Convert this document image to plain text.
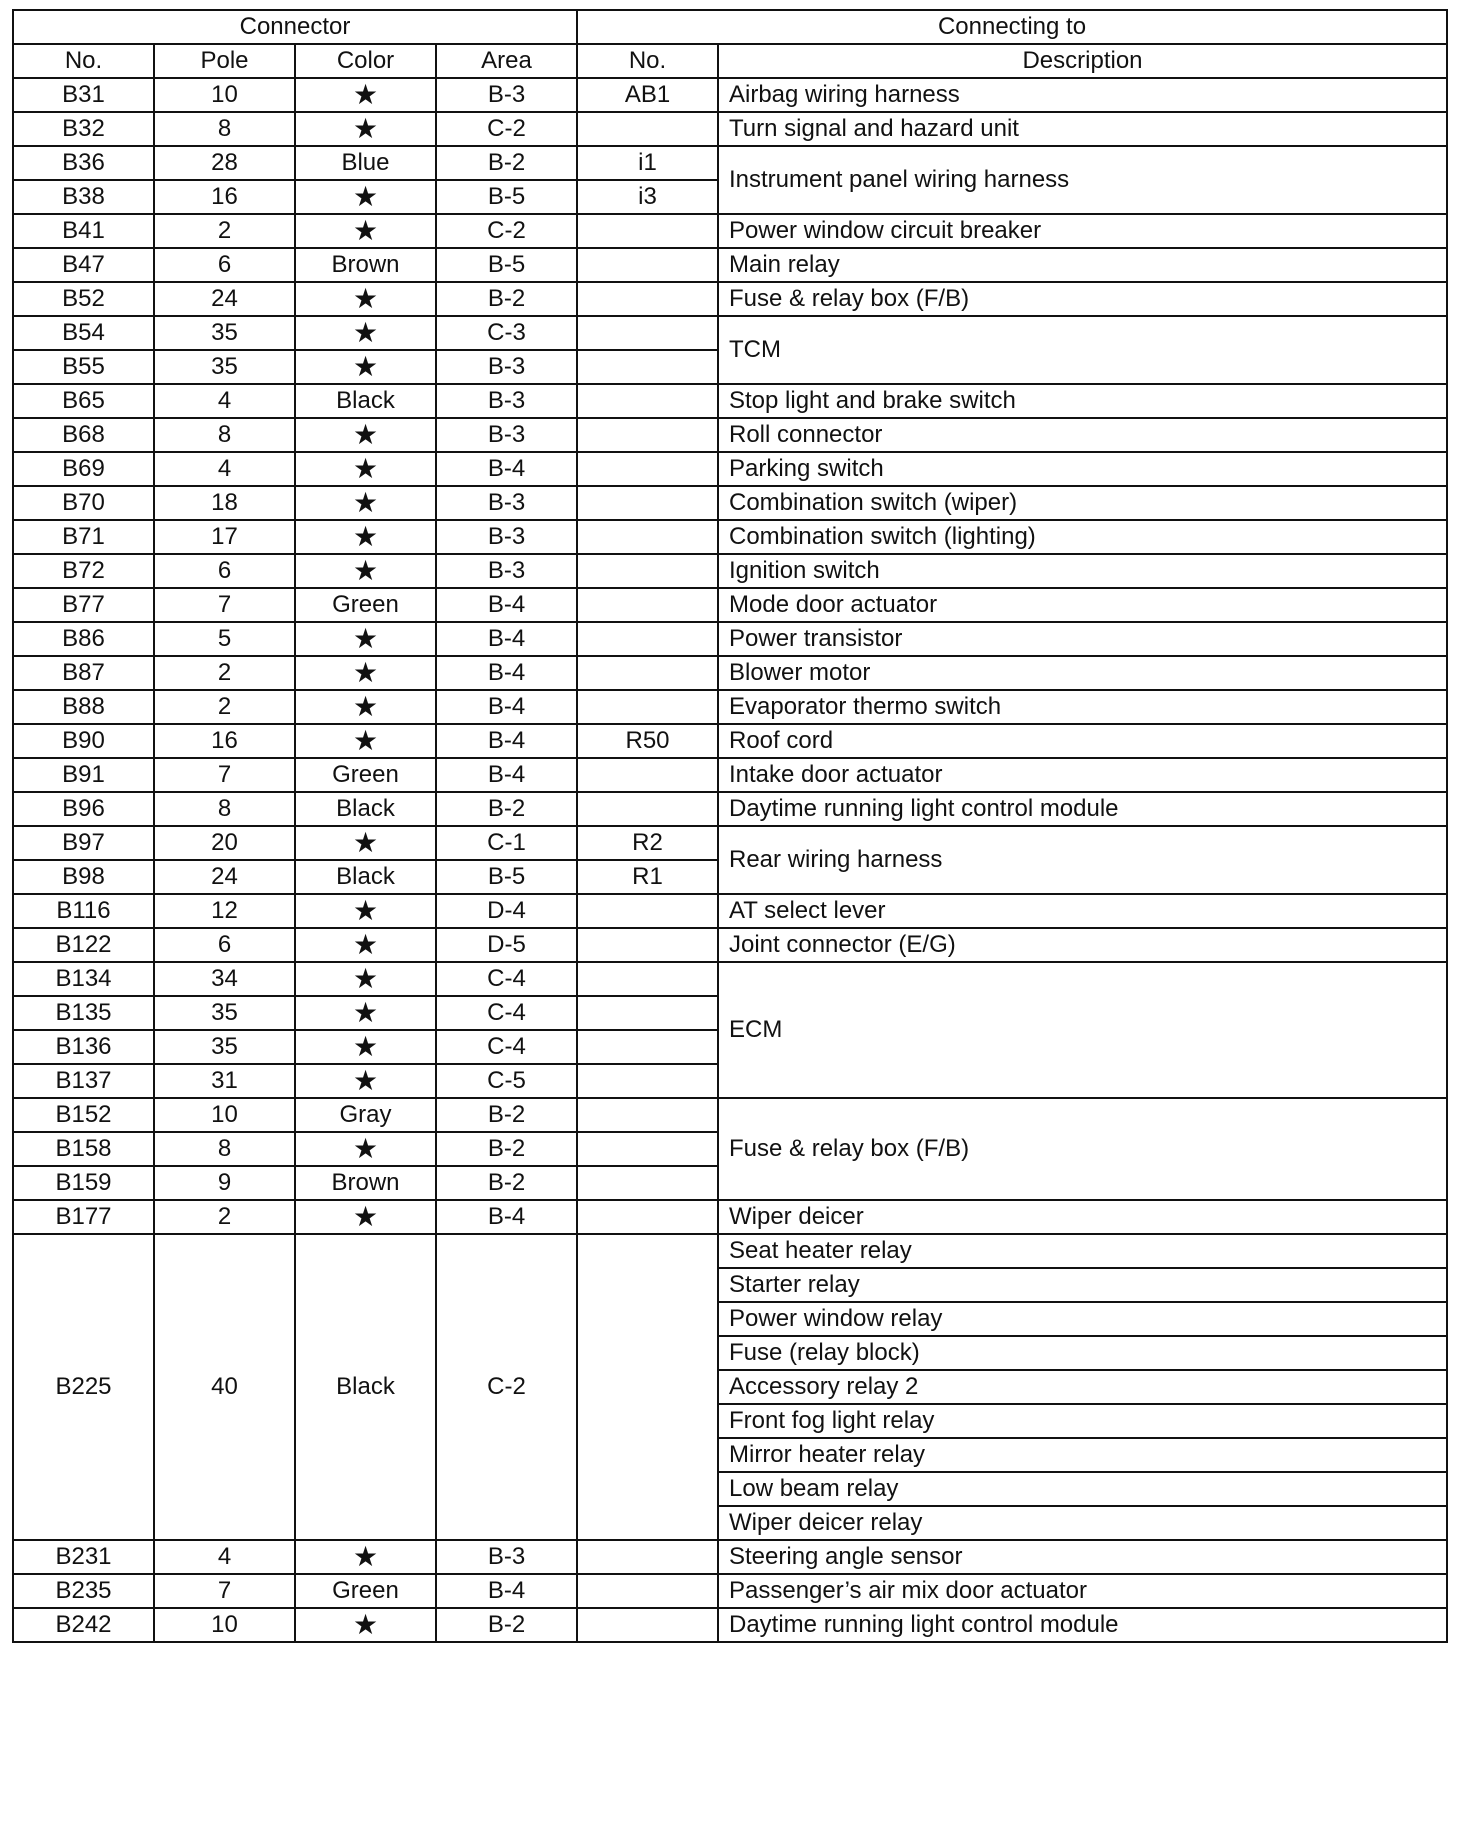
Connector				Connecting to	
No.	Pole	Color	Area	No.	Description
B31	10	★	B-3	AB1	Airbag wiring harness
B32	8	★	C-2		Turn signal and hazard unit
B36	28	Blue	B-2	i1	Instrument panel wiring harness
B38	16	★	B-5	i3	
B41	2	★	C-2		Power window circuit breaker
B47	6	Brown	B-5		Main relay
B52	24	★	B-2		Fuse & relay box (F/B)
B54	35	★	C-3		TCM
B55	35	★	B-3		
B65	4	Black	B-3		Stop light and brake switch
B68	8	★	B-3		Roll connector
B69	4	★	B-4		Parking switch
B70	18	★	B-3		Combination switch (wiper)
B71	17	★	B-3		Combination switch (lighting)
B72	6	★	B-3		Ignition switch
B77	7	Green	B-4		Mode door actuator
B86	5	★	B-4		Power transistor
B87	2	★	B-4		Blower motor
B88	2	★	B-4		Evaporator thermo switch
B90	16	★	B-4	R50	Roof cord
B91	7	Green	B-4		Intake door actuator
B96	8	Black	B-2		Daytime running light control module
B97	20	★	C-1	R2	Rear wiring harness
B98	24	Black	B-5	R1	
B116	12	★	D-4		AT select lever
B122	6	★	D-5		Joint connector (E/G)
B134	34	★	C-4		ECM
B135	35	★	C-4		
B136	35	★	C-4		
B137	31	★	C-5		
B152	10	Gray	B-2		Fuse & relay box (F/B)
B158	8	★	B-2		
B159	9	Brown	B-2		
B177	2	★	B-4		Wiper deicer
B225	40	Black	C-2		Seat heater relay
					Starter relay
					Power window relay
					Fuse (relay block)
					Accessory relay 2
					Front fog light relay
					Mirror heater relay
					Low beam relay
					Wiper deicer relay
B231	4	★	B-3		Steering angle sensor
B235	7	Green	B-4		Passenger’s air mix door actuator
B242	10	★	B-2		Daytime running light control module
